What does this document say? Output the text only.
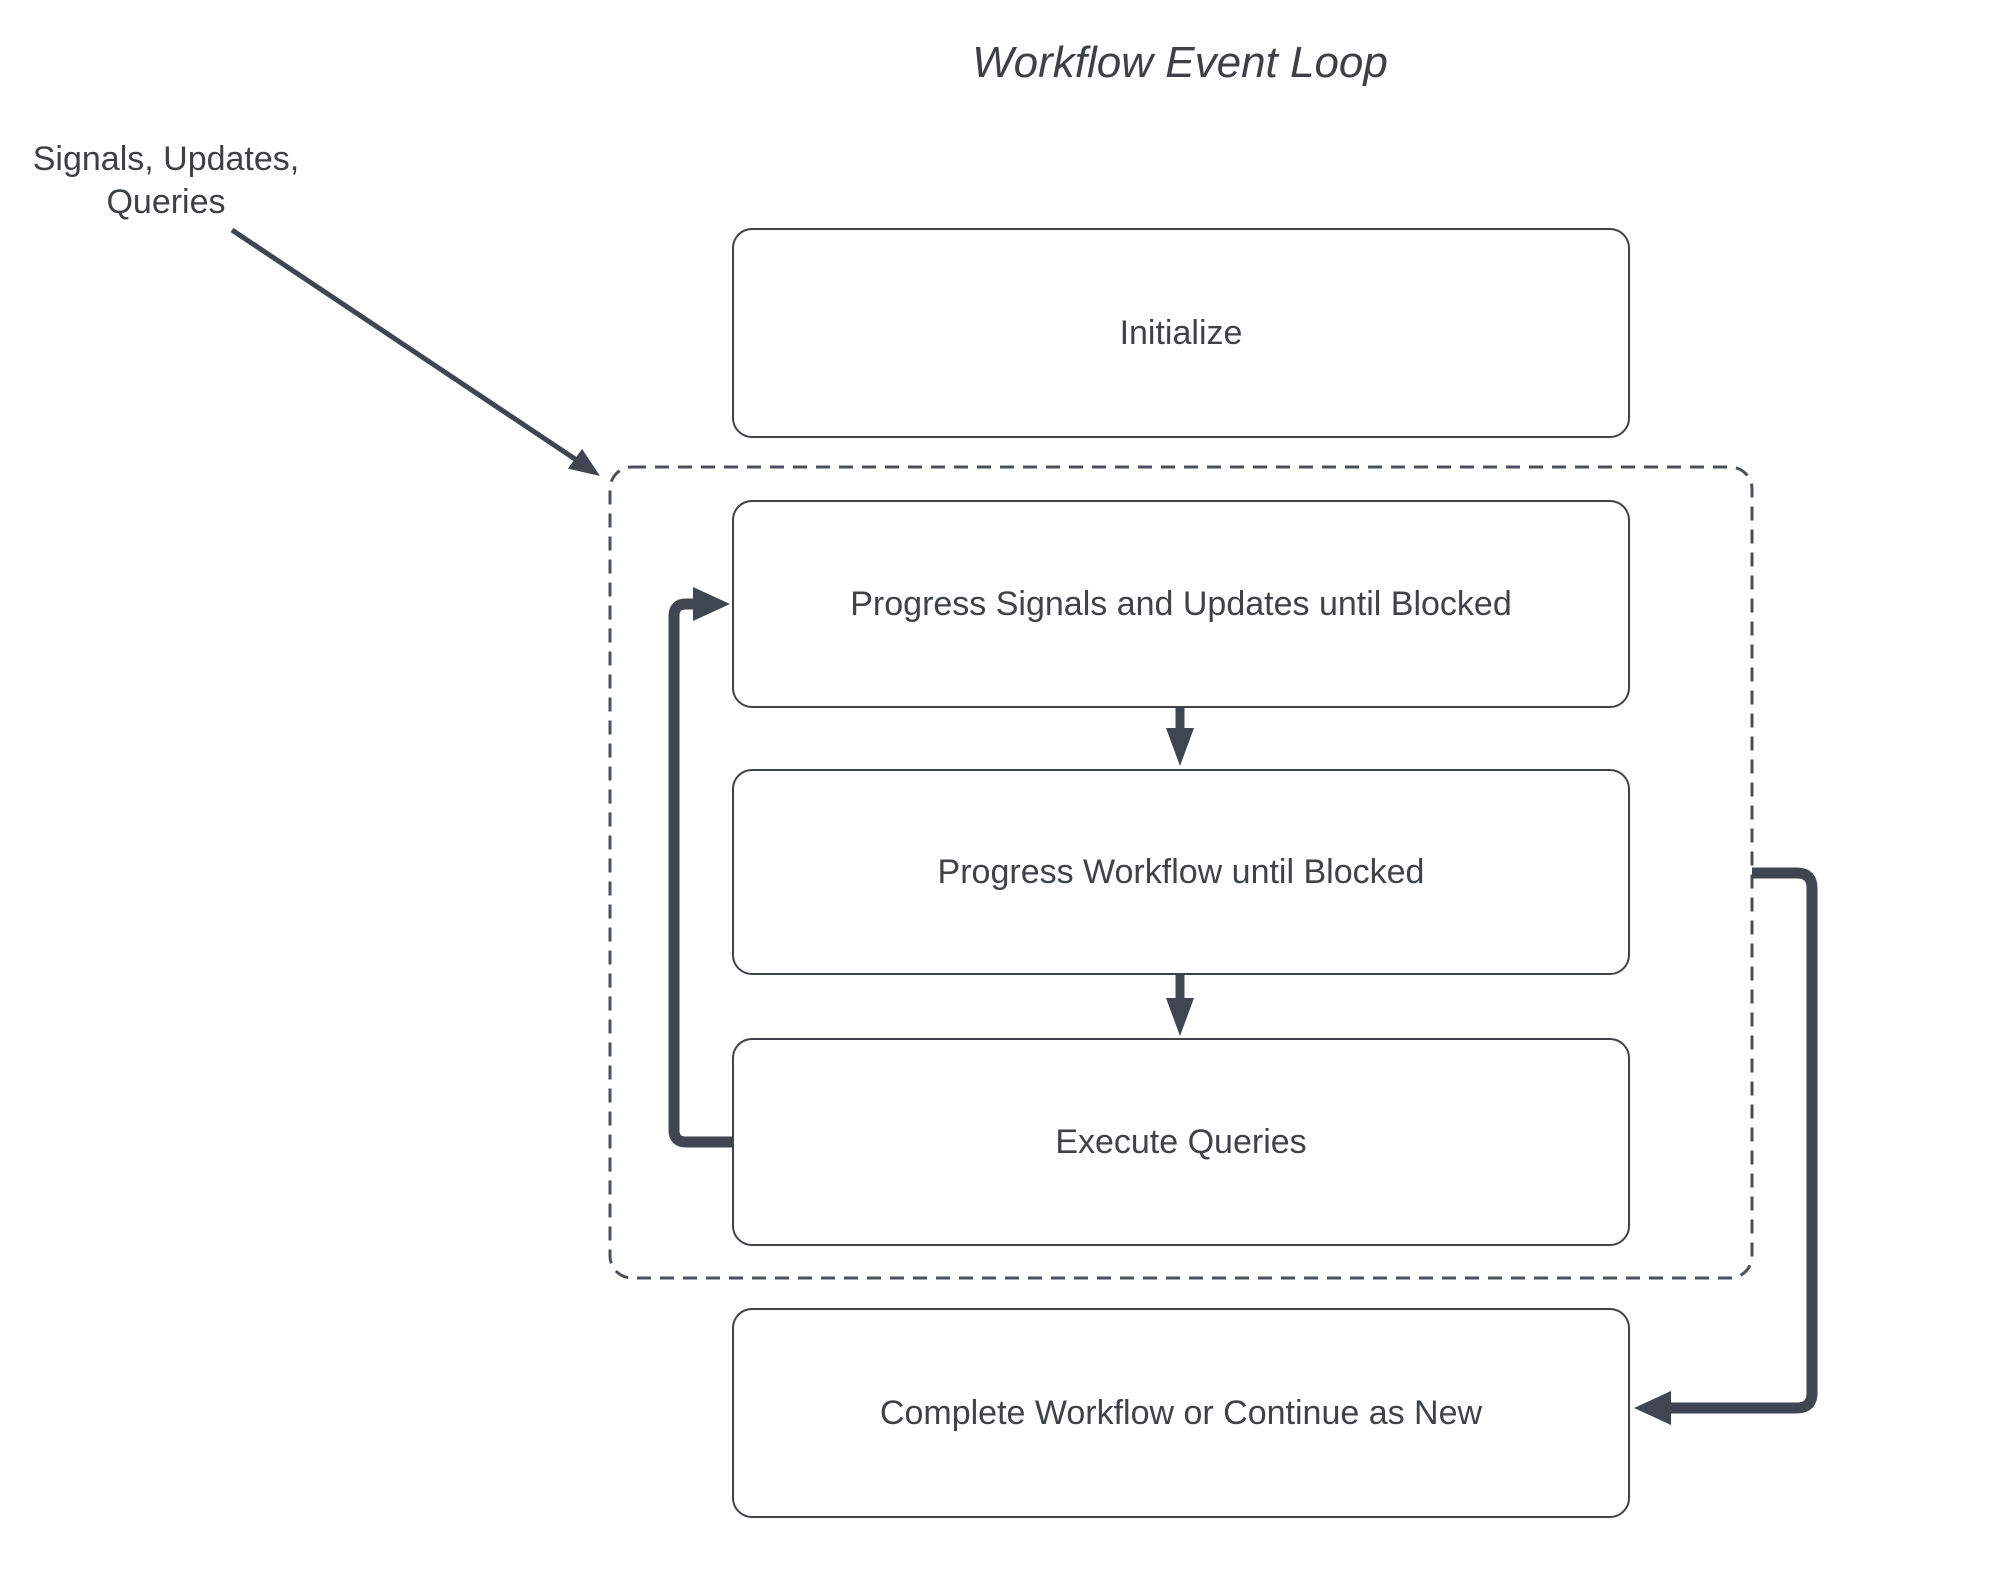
Workflow Event Loop
Signals, Updates,
Queries
Initialize
Progress Signals and Updates until Blocked
Progress Workflow until Blocked
Execute Queries
Complete Workflow or Continue as New
